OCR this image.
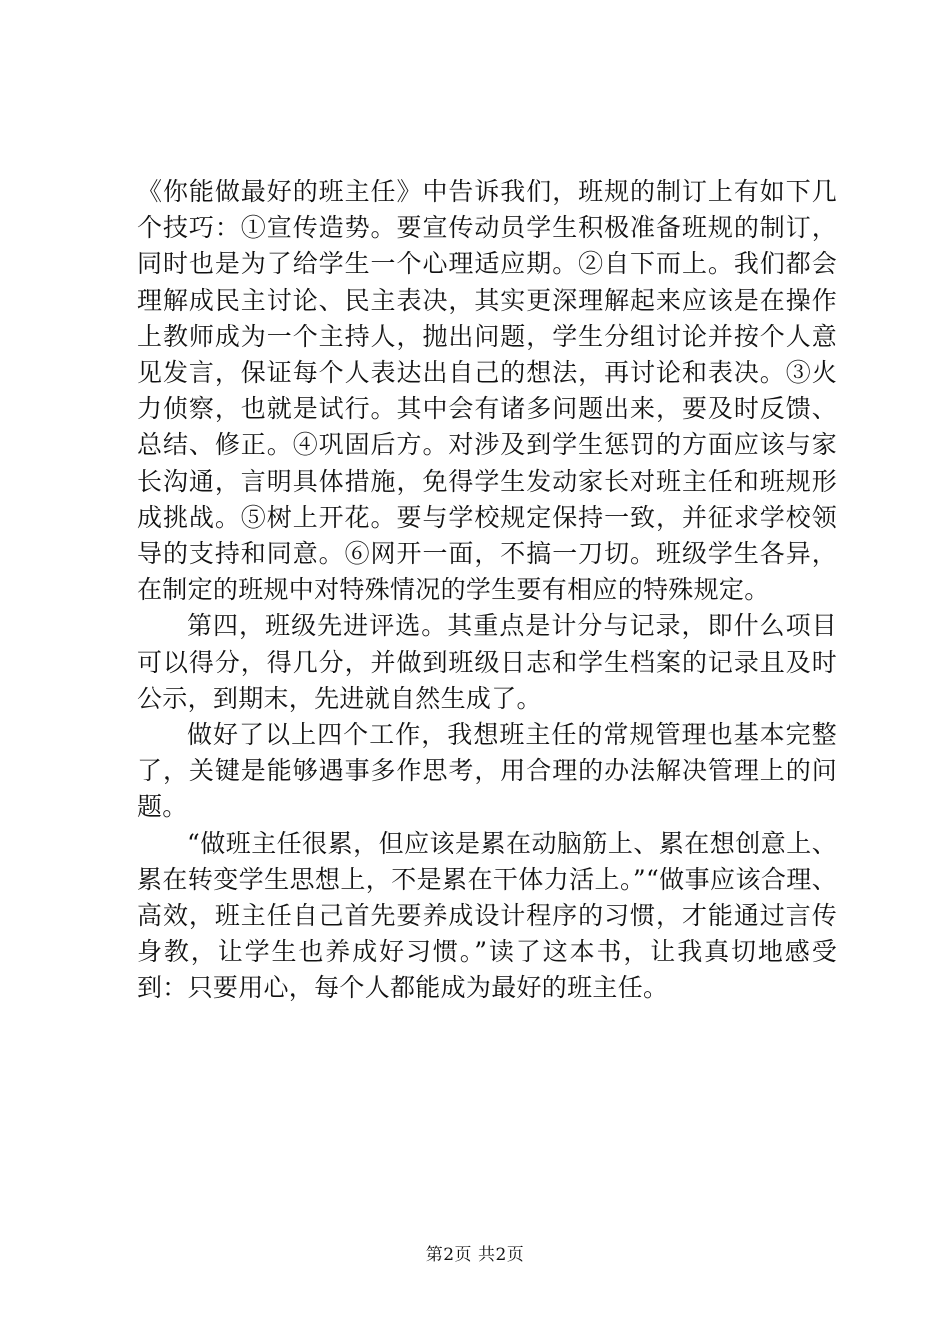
《你能做最好的班主任》中告诉我们，班规的制订上有如下几个技巧：①宣传造势。要宣传动员学生积极准备班规的制订，同时也是为了给学生一个心理适应期。②自下而上。我们都会理解成民主讨论、民主表决，其实更深理解起来应该是在操作上教师成为一个主持人，抛出问题，学生分组讨论并按个人意见发言，保证每个人表达出自己的想法，再讨论和表决。③火力侦察，也就是试行。其中会有诸多问题出来，要及时反馈、总结、修正。④巩固后方。对涉及到学生惩罚的方面应该与家长沟通，言明具体措施，免得学生发动家长对班主任和班规形成挑战。⑤树上开花。要与学校规定保持一致，并征求学校领导的支持和同意。⑥网开一面，不搞一刀切。班级学生各异，在制定的班规中对特殊情况的学生要有相应的特殊规定。

第四，班级先进评选。其重点是计分与记录，即什么项目可以得分，得几分，并做到班级日志和学生档案的记录且及时公示，到期末，先进就自然生成了。

做好了以上四个工作，我想班主任的常规管理也基本完整了，关键是能够遇事多作思考，用合理的办法解决管理上的问题。

“做班主任很累，但应该是累在动脑筋上、累在想创意上、累在转变学生思想上，不是累在干体力活上。”“做事应该合理、高效，班主任自己首先要养成设计程序的习惯，才能通过言传身教，让学生也养成好习惯。”读了这本书，让我真切地感受到：只要用心，每个人都能成为最好的班主任。

第2页 共2页
